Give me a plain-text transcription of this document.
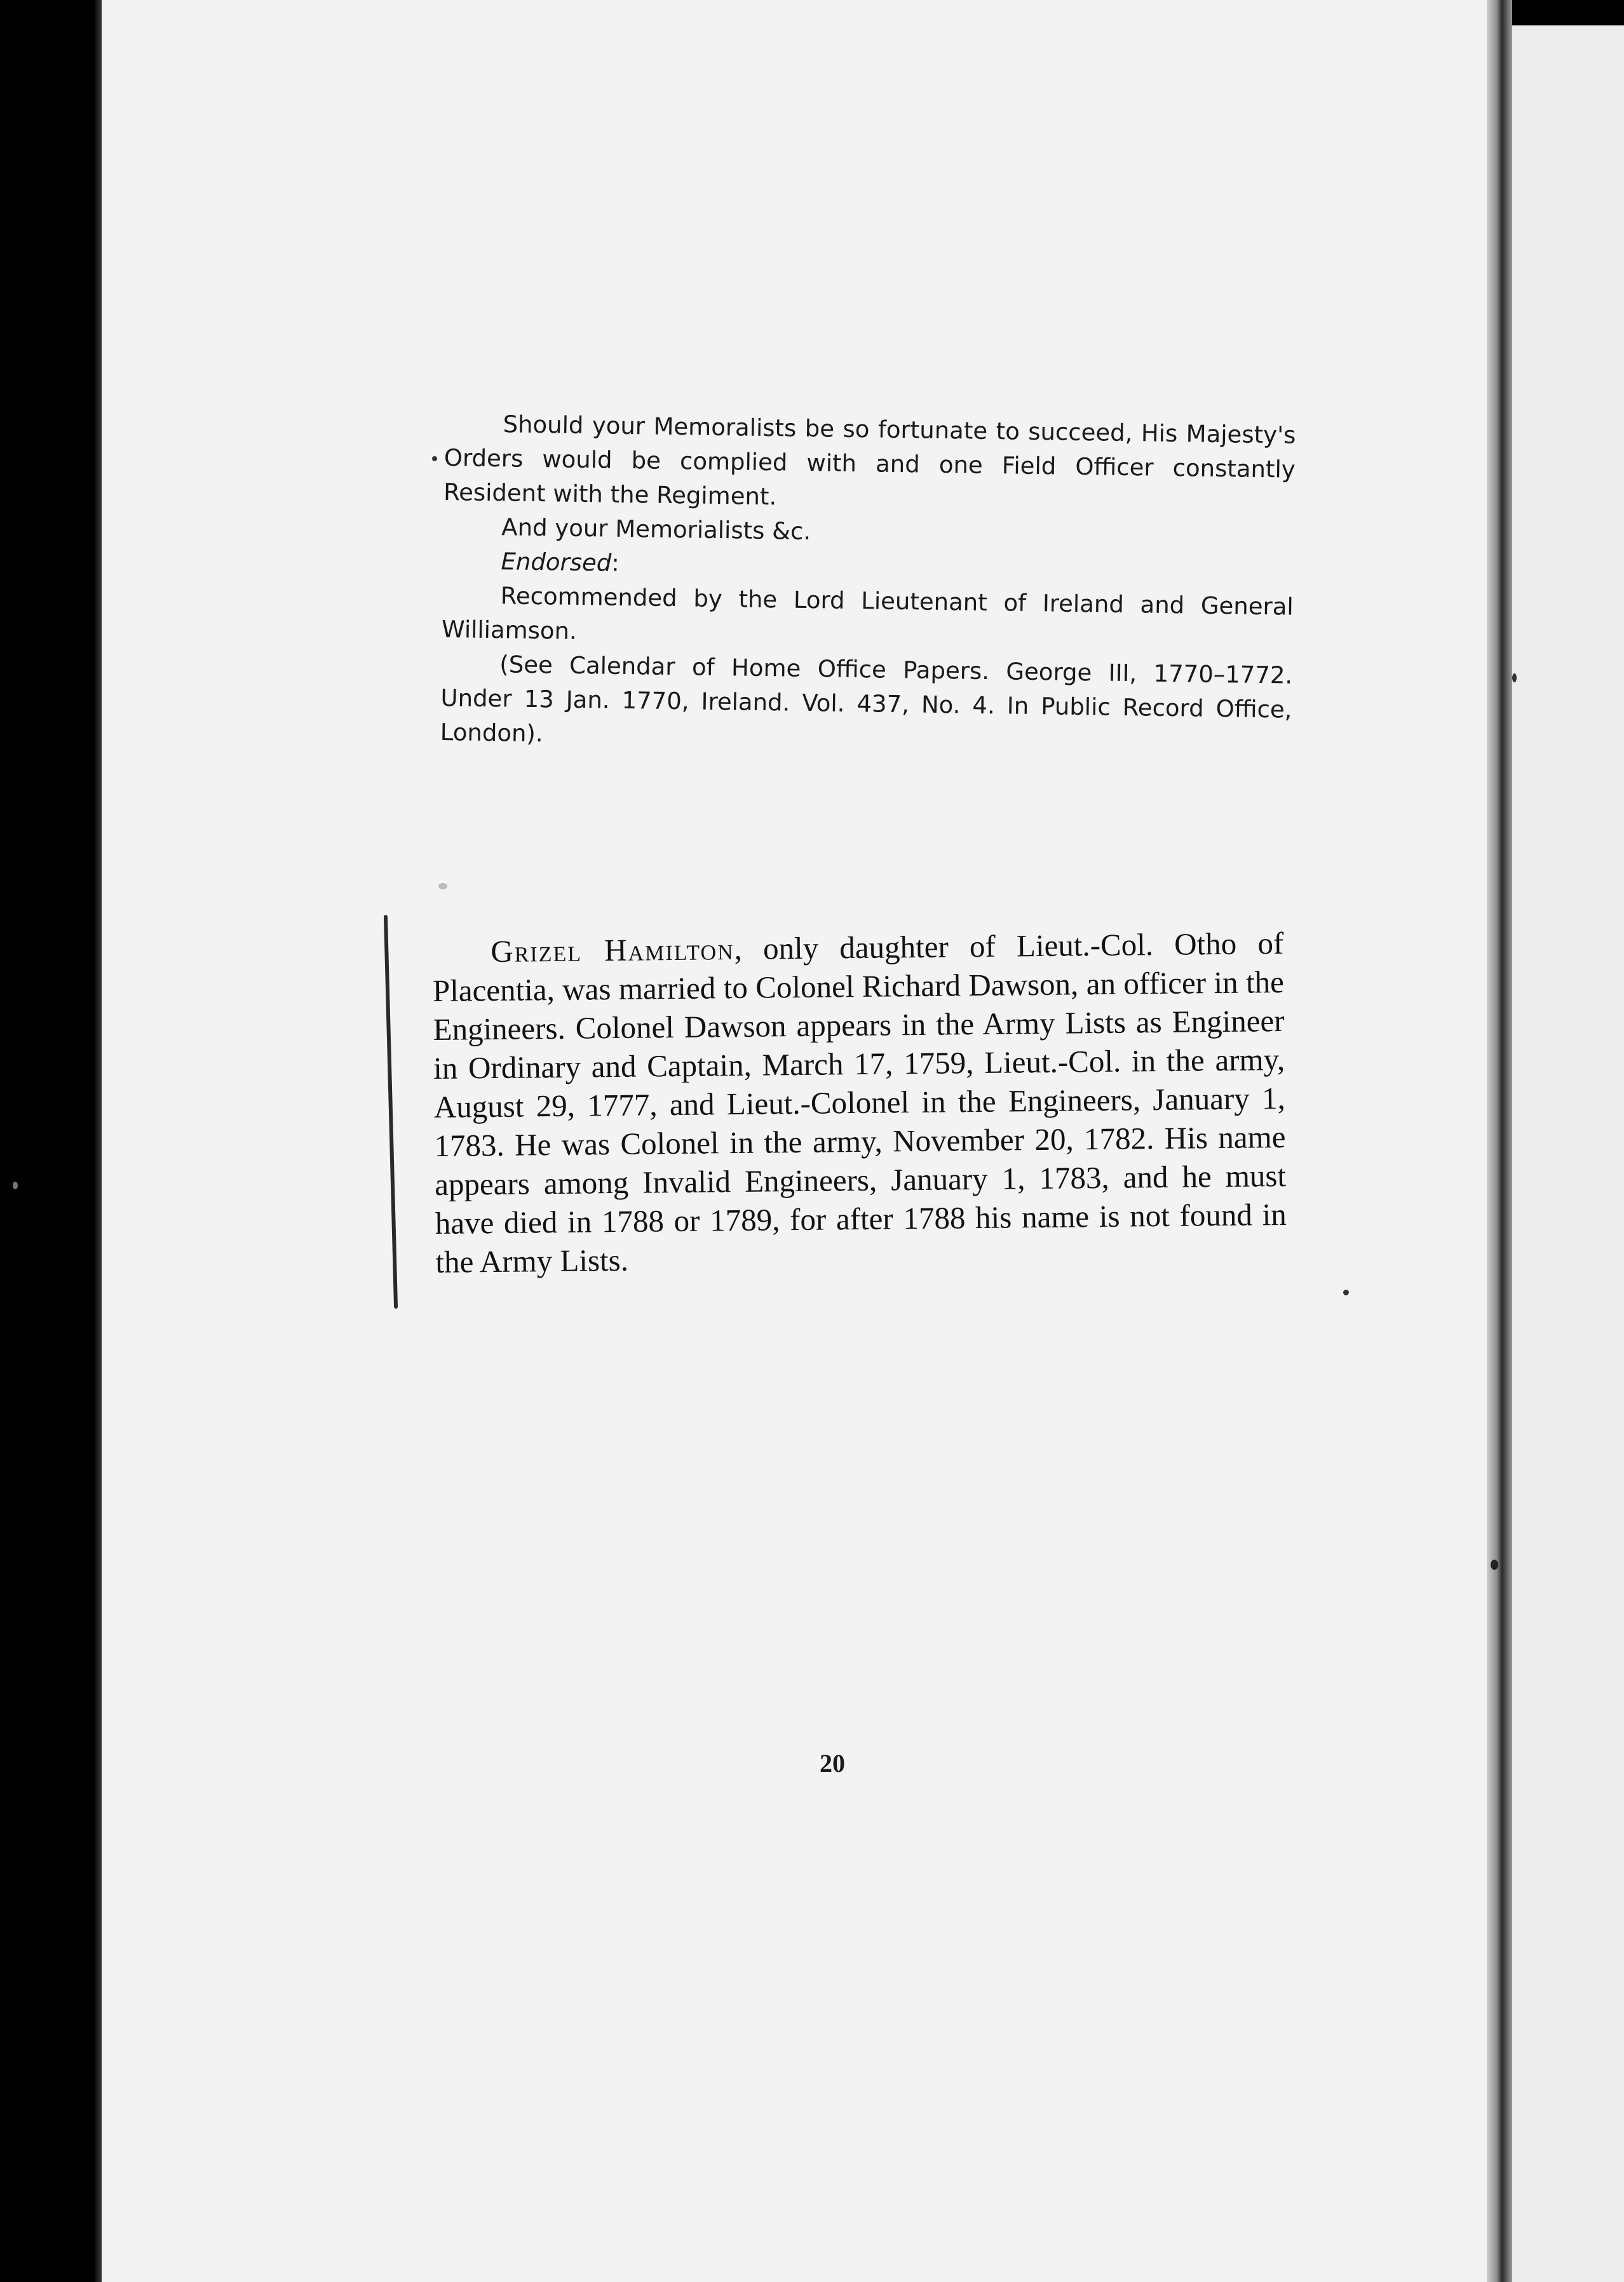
Should your Memoralists be so fortunate to succeed, His Majesty's Orders would be complied with and one Field Officer constantly Resident with the Regiment.

And your Memorialists &c.

Endorsed:

Recommended by the Lord Lieutenant of Ireland and General Williamson.

(See Calendar of Home Office Papers. George III, 1770–1772. Under 13 Jan. 1770, Ireland. Vol. 437, No. 4. In Public Record Office, London).

Grizel Hamilton, only daughter of Lieut.-Col. Otho of Placentia, was married to Colonel Richard Dawson, an officer in the Engineers. Colonel Dawson appears in the Army Lists as Engineer in Ordinary and Captain, March 17, 1759, Lieut.-Col. in the army, August 29, 1777, and Lieut.-Colonel in the Engineers, January 1, 1783. He was Colonel in the army, November 20, 1782. His name appears among Invalid Engineers, January 1, 1783, and he must have died in 1788 or 1789, for after 1788 his name is not found in the Army Lists.

20
